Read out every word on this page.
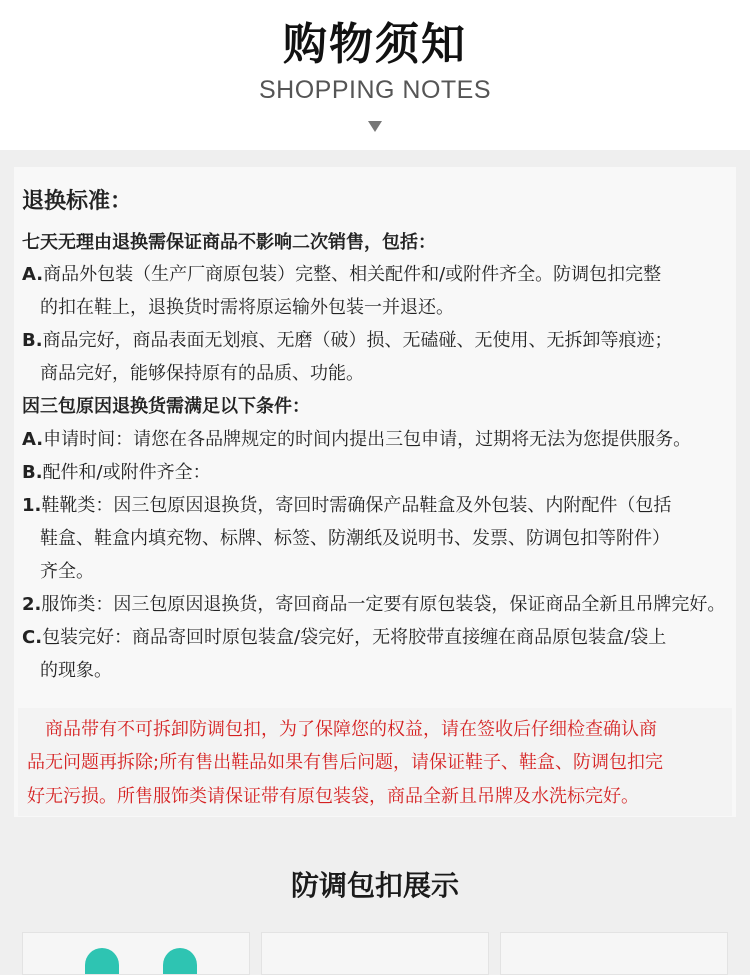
购物须知
SHOPPING NOTES
退换标准：
七天无理由退换需保证商品不影响二次销售，包括：
A.商品外包装（生产厂商原包装）完整、相关配件和/或附件齐全。防调包扣完整
的扣在鞋上，退换货时需将原运输外包装一并退还。
B.商品完好，商品表面无划痕、无磨（破）损、无磕碰、无使用、无拆卸等痕迹；
商品完好，能够保持原有的品质、功能。
因三包原因退换货需满足以下条件：
A.申请时间：请您在各品牌规定的时间内提出三包申请，过期将无法为您提供服务。
B.配件和/或附件齐全：
1.鞋靴类：因三包原因退换货，寄回时需确保产品鞋盒及外包装、内附配件（包括
鞋盒、鞋盒内填充物、标牌、标签、防潮纸及说明书、发票、防调包扣等附件）
齐全。
2.服饰类：因三包原因退换货，寄回商品一定要有原包装袋，保证商品全新且吊牌完好。
C.包装完好：商品寄回时原包装盒/袋完好，无将胶带直接缠在商品原包装盒/袋上
的现象。
商品带有不可拆卸防调包扣，为了保障您的权益，请在签收后仔细检查确认商
品无问题再拆除;所有售出鞋品如果有售后问题，请保证鞋子、鞋盒、防调包扣完
好无污损。所售服饰类请保证带有原包装袋，商品全新且吊牌及水洗标完好。
防调包扣展示
